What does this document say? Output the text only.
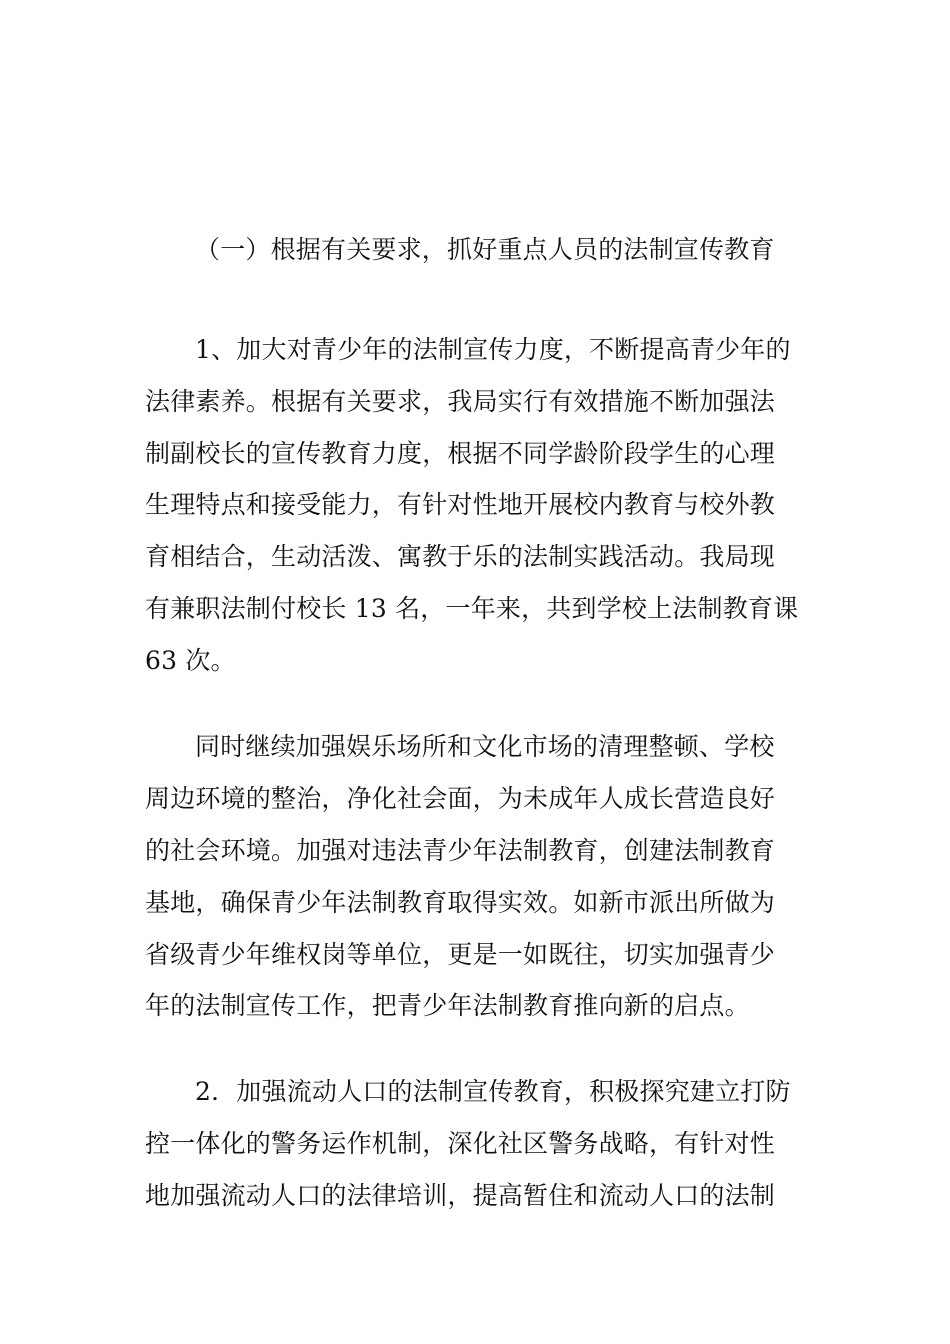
（一）根据有关要求，抓好重点人员的法制宣传教育
1、加大对青少年的法制宣传力度，不断提高青少年的
法律素养。根据有关要求，我局实行有效措施不断加强法
制副校长的宣传教育力度，根据不同学龄阶段学生的心理
生理特点和接受能力，有针对性地开展校内教育与校外教
育相结合，生动活泼、寓教于乐的法制实践活动。我局现
有兼职法制付校长 13 名，一年来，共到学校上法制教育课
63 次。
同时继续加强娱乐场所和文化市场的清理整顿、学校
周边环境的整治，净化社会面，为未成年人成长营造良好
的社会环境。加强对违法青少年法制教育，创建法制教育
基地，确保青少年法制教育取得实效。如新市派出所做为
省级青少年维权岗等单位，更是一如既往，切实加强青少
年的法制宣传工作，把青少年法制教育推向新的启点。
2．加强流动人口的法制宣传教育，积极探究建立打防
控一体化的警务运作机制，深化社区警务战略，有针对性
地加强流动人口的法律培训，提高暂住和流动人口的法制
